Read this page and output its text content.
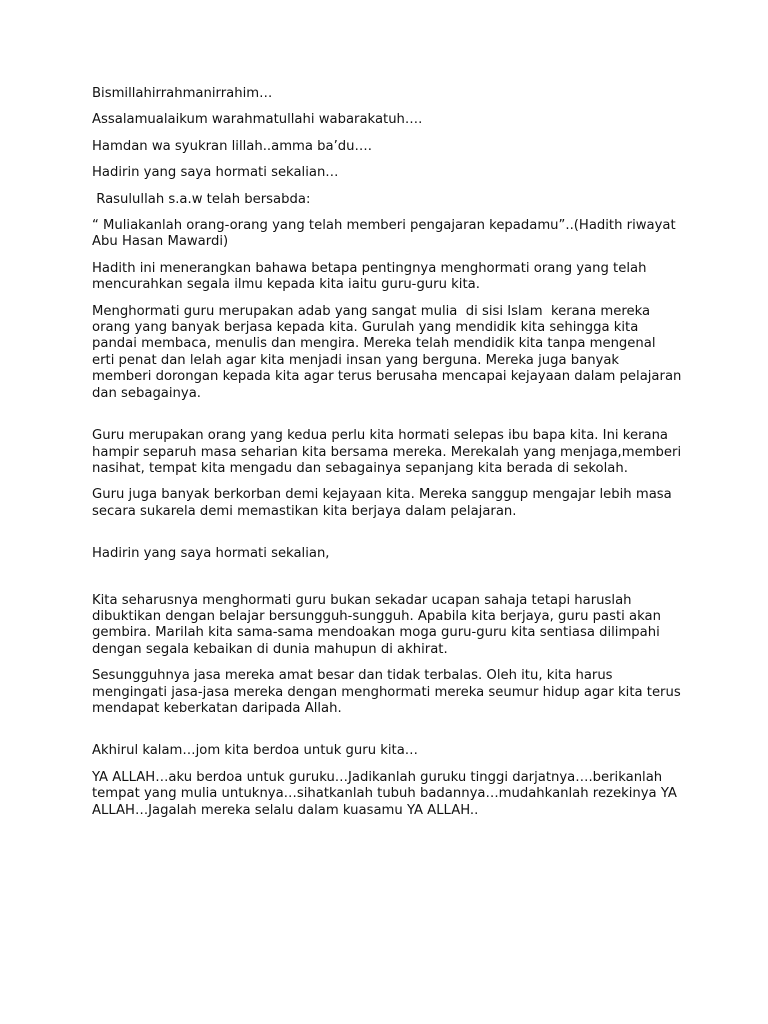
Bismillahirrahmanirrahim…

Assalamualaikum warahmatullahi wabarakatuh….

Hamdan wa syukran lillah..amma ba’du….

Hadirin yang saya hormati sekalian…

Rasulullah s.a.w telah bersabda:

“ Muliakanlah orang-orang yang telah memberi pengajaran kepadamu”..(Hadith riwayat Abu Hasan Mawardi)

Hadith ini menerangkan bahawa betapa pentingnya menghormati orang yang telah mencurahkan segala ilmu kepada kita iaitu guru-guru kita.

Menghormati guru merupakan adab yang sangat mulia  di sisi Islam  kerana mereka orang yang banyak berjasa kepada kita. Gurulah yang mendidik kita sehingga kita pandai membaca, menulis dan mengira. Mereka telah mendidik kita tanpa mengenal erti penat dan lelah agar kita menjadi insan yang berguna. Mereka juga banyak memberi dorongan kepada kita agar terus berusaha mencapai kejayaan dalam pelajaran dan sebagainya.

Guru merupakan orang yang kedua perlu kita hormati selepas ibu bapa kita. Ini kerana hampir separuh masa seharian kita bersama mereka. Merekalah yang menjaga,memberi nasihat, tempat kita mengadu dan sebagainya sepanjang kita berada di sekolah.

Guru juga banyak berkorban demi kejayaan kita. Mereka sanggup mengajar lebih masa secara sukarela demi memastikan kita berjaya dalam pelajaran.

Hadirin yang saya hormati sekalian,

Kita seharusnya menghormati guru bukan sekadar ucapan sahaja tetapi haruslah dibuktikan dengan belajar bersungguh-sungguh. Apabila kita berjaya, guru pasti akan gembira. Marilah kita sama-sama mendoakan moga guru-guru kita sentiasa dilimpahi dengan segala kebaikan di dunia mahupun di akhirat.

Sesungguhnya jasa mereka amat besar dan tidak terbalas. Oleh itu, kita harus mengingati jasa-jasa mereka dengan menghormati mereka seumur hidup agar kita terus mendapat keberkatan daripada Allah.

Akhirul kalam…jom kita berdoa untuk guru kita…

YA ALLAH…aku berdoa untuk guruku…Jadikanlah guruku tinggi darjatnya….berikanlah tempat yang mulia untuknya…sihatkanlah tubuh badannya…mudahkanlah rezekinya YA ALLAH…Jagalah mereka selalu dalam kuasamu YA ALLAH..
